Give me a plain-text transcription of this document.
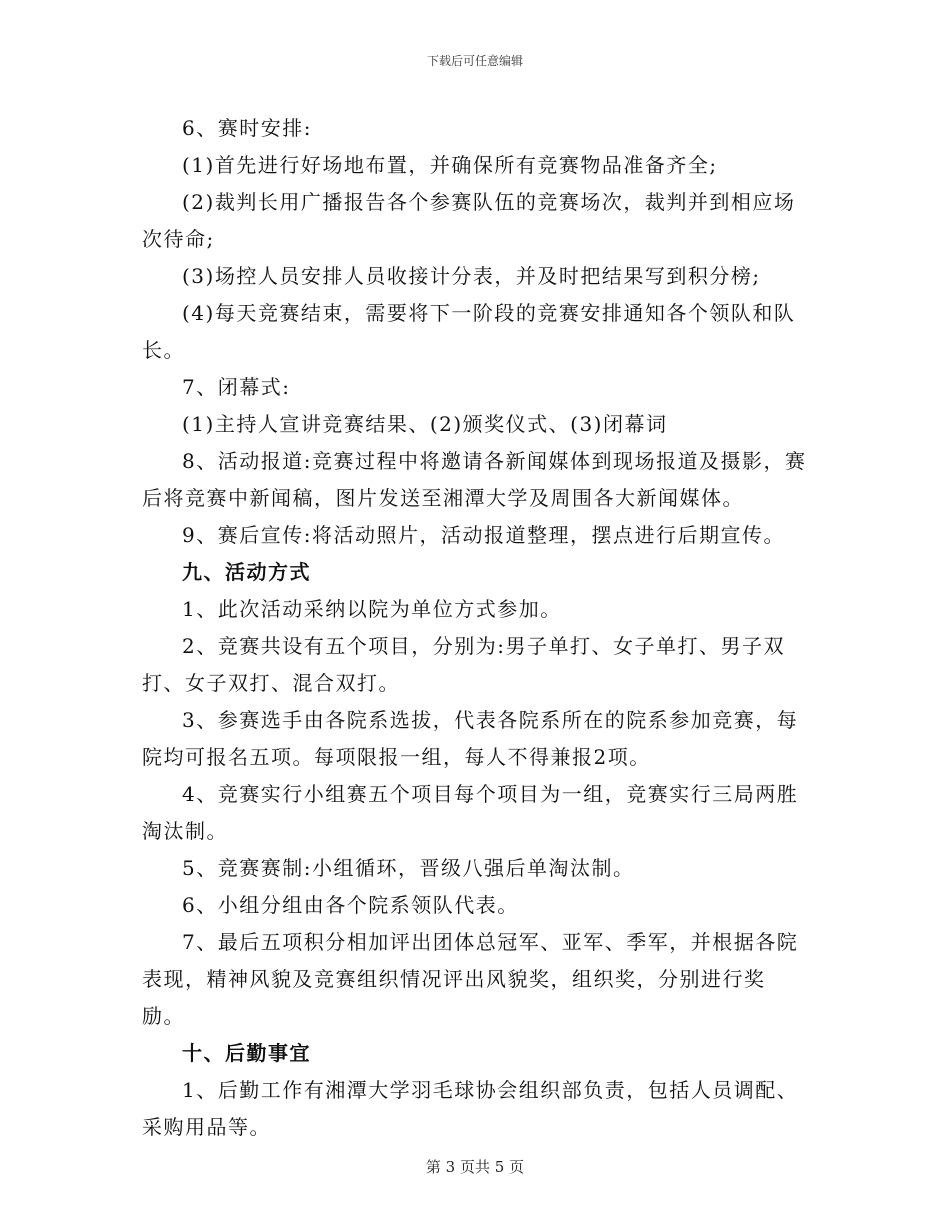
下载后可任意编辑

6、赛时安排:

(1)首先进行好场地布置，并确保所有竞赛物品准备齐全;

(2)裁判长用广播报告各个参赛队伍的竞赛场次，裁判并到相应场次待命;

(3)场控人员安排人员收接计分表，并及时把结果写到积分榜;

(4)每天竞赛结束，需要将下一阶段的竞赛安排通知各个领队和队长。

7、闭幕式:

(1)主持人宣讲竞赛结果、(2)颁奖仪式、(3)闭幕词

8、活动报道:竞赛过程中将邀请各新闻媒体到现场报道及摄影，赛后将竞赛中新闻稿，图片发送至湘潭大学及周围各大新闻媒体。

9、赛后宣传:将活动照片，活动报道整理，摆点进行后期宣传。

九、活动方式

1、此次活动采纳以院为单位方式参加。

2、竞赛共设有五个项目，分别为:男子单打、女子单打、男子双打、女子双打、混合双打。

3、参赛选手由各院系选拔，代表各院系所在的院系参加竞赛，每院均可报名五项。每项限报一组，每人不得兼报2项。

4、竞赛实行小组赛五个项目每个项目为一组，竞赛实行三局两胜淘汰制。

5、竞赛赛制:小组循环，晋级八强后单淘汰制。

6、小组分组由各个院系领队代表。

7、最后五项积分相加评出团体总冠军、亚军、季军，并根据各院表现，精神风貌及竞赛组织情况评出风貌奖，组织奖，分别进行奖励。

十、后勤事宜

1、后勤工作有湘潭大学羽毛球协会组织部负责，包括人员调配、采购用品等。

第 3 页共 5 页
